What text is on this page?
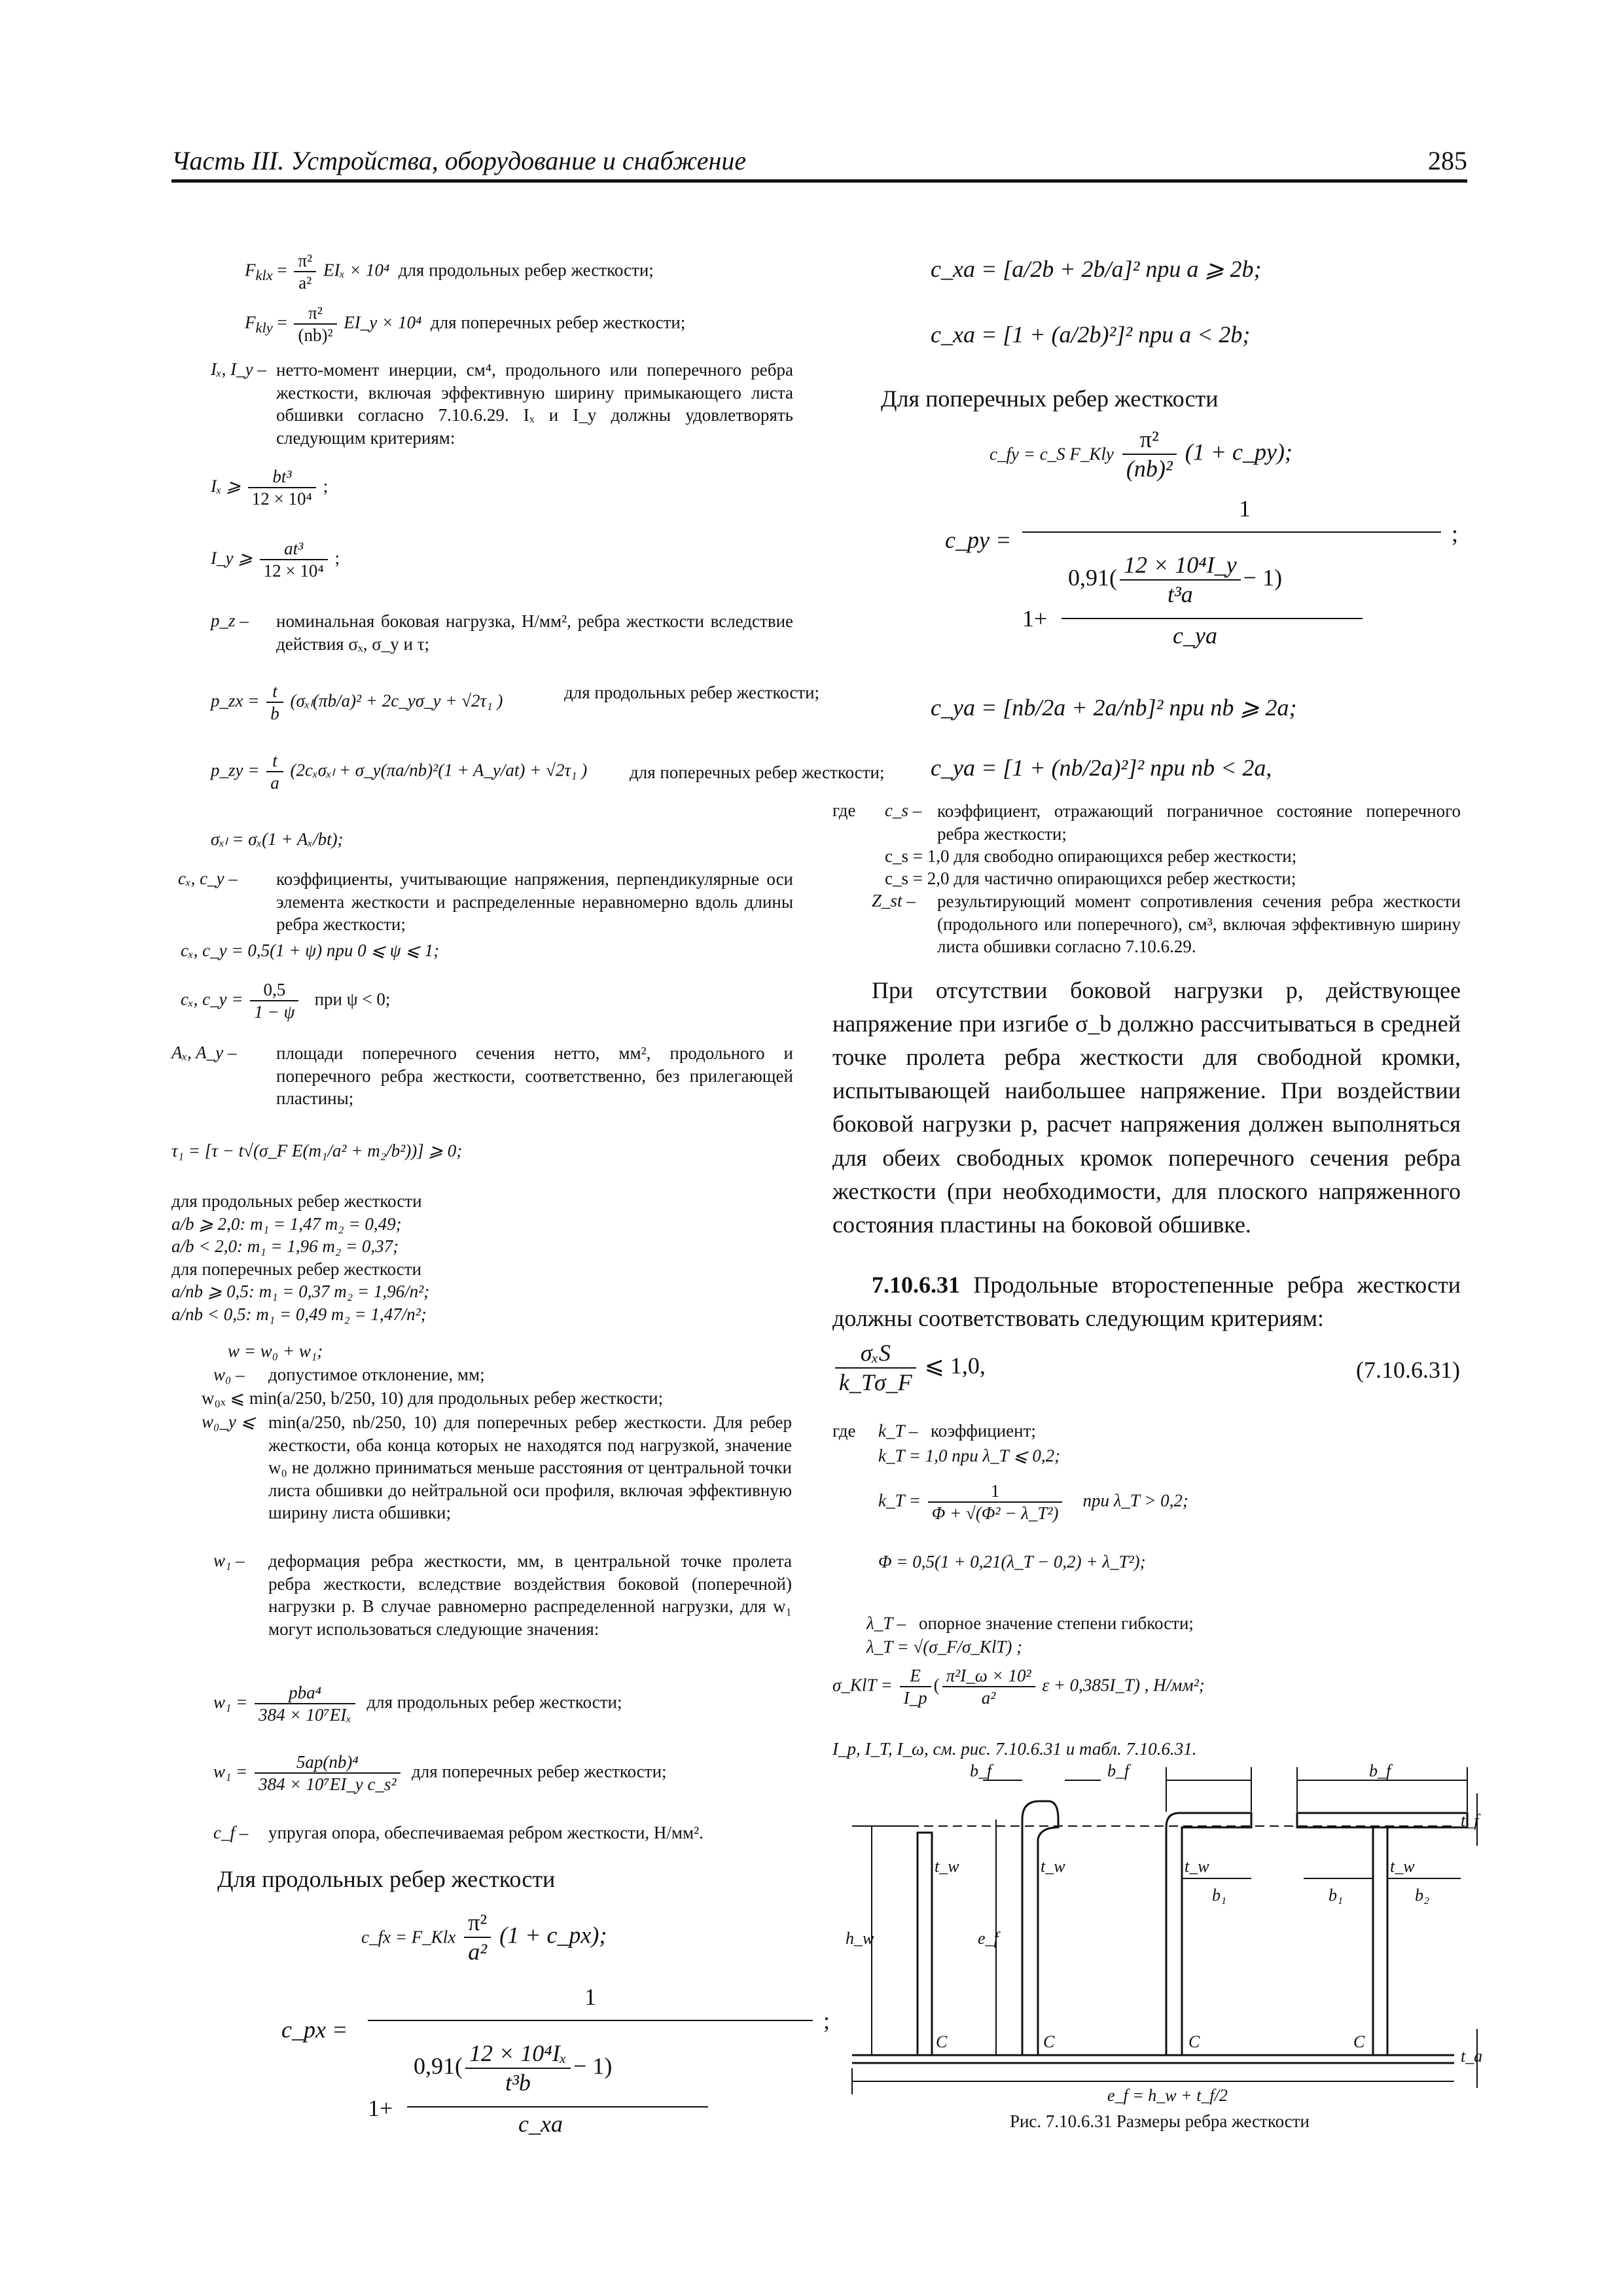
Часть III. Устройства, оборудование и снабжение	285
$F_{klx} = \frac{\text{π²}}{\text{a²}}$ EIₓ × 10⁴ для продольных ребер жесткости;
$F_{kly} = \frac{\text{π²}}{\text{(nb)²}}$ EI_y × 10⁴ для поперечных ребер жесткости;
Iₓ, I_y – нетто-момент инерции, см⁴, продольного или поперечного ребра жесткости, включая эффективную ширину примыкающего листа обшивки согласно 7.10.6.29. Iₓ и I_y должны удовлетворять следующим критериям:
Iₓ ⩾ $\frac{\text{bt³}}{\text{12 × 10⁴}}$ ;
I_y ⩾ $\frac{\text{at³}}{\text{12 × 10⁴}}$ ;
p_z – номинальная боковая нагрузка, Н/мм², ребра жесткости вследствие действия σₓ, σ_y и τ;
p_zx = $\frac{t}{b} (\sigma_{xl}(\pi b/a)^2$ + 2c_yσ_y + √2τ₁ )	для продольных ребер жесткости;
p_zy = $\frac{t}{a} (2c_x\sigma_{xl}$ + σ_y(πa/nb)²(1 + A_y/at) + √2τ₁ ) для поперечных ребер жесткости;
σₓₗ = σₓ(1 + Aₓ/bt);
cₓ, c_y – коэффициенты, учитывающие напряжения, перпендикулярные оси элемента жесткости и распределенные неравномерно вдоль длины ребра жесткости;
cₓ, c_y = 0,5(1 + ψ) при 0 ⩽ ψ ⩽ 1;
cₓ, c_y = $\frac{0,5}{1 - \psi}$ при ψ < 0;
Aₓ, A_y – площади поперечного сечения нетто, мм², продольного и поперечного ребра жесткости, соответственно, без прилегающей пластины;
τ₁ = [τ − t√(σ_F E(m₁/a² + m₂/b²))] ⩾ 0;
для продольных ребер жесткости
a/b ⩾ 2,0: m₁ = 1,47 m₂ = 0,49;
a/b < 2,0: m₁ = 1,96 m₂ = 0,37;
для поперечных ребер жесткости
a/nb ⩾ 0,5: m₁ = 0,37 m₂ = 1,96/n²;
a/nb < 0,5: m₁ = 0,49 m₂ = 1,47/n²;
w = w₀ + w₁;
w₀ – допустимое отклонение, мм;
w₀ₓ ⩽ min(a/250, b/250, 10) для продольных ребер жесткости;
w₀_y ⩽ min(a/250, nb/250, 10) для поперечных ребер жесткости. Для ребер жесткости, оба конца которых не находятся под нагрузкой, значение w₀ не должно приниматься меньше расстояния от центральной точки листа обшивки до нейтральной оси профиля, включая эффективную ширину листа обшивки;
w₁ – деформация ребра жесткости, мм, в центральной точке пролета ребра жесткости, вследствие воздействия боковой (поперечной) нагрузки p. В случае равномерно распределенной нагрузки, для w₁ могут использоваться следующие значения:
$w_1 = \frac{\text{pba⁴}}{\text{384 × 10⁷EIₓ}}$ для продольных ребер жесткости;
$w_1 = \frac{\text{5ap(nb)⁴}}{\text{384 × 10⁷EI\_y c\_s²}}$ для поперечных ребер жесткости;
c_f – упругая опора, обеспечиваемая ребром жесткости, Н/мм².
Для продольных ребер жесткости
c_fx = F_Klx $\frac{\text{π²}}{\text{a²}} (1$ + c_px);
c_px =
1
;
$0,91( \frac{\text{12 × 10⁴Iₓ}}{\text{t³b}} - 1)$
1+
c_xa
c_xa = [a/2b + 2b/a]² при a ⩾ 2b;
c_xa = [1 + (a/2b)²]² при a < 2b;
Для поперечных ребер жесткости
c_fy = c_S F_Kly $\frac{\text{π²}}{\text{(nb)²}} (1$ + c_py);
c_py =
1
;
$0,91( \frac{\text{12 × 10⁴I\_y}}{\text{t³a}} - 1)$
1+
c_ya
c_ya = [nb/2a + 2a/nb]² при nb ⩾ 2a;
c_ya = [1 + (nb/2a)²]² при nb < 2a,
где c_s – коэффициент, отражающий пограничное состояние поперечного ребра жесткости;
c_s = 1,0 для свободно опирающихся ребер жесткости;
c_s = 2,0 для частично опирающихся ребер жесткости;
Z_st – результирующий момент сопротивления сечения ребра жесткости (продольного или поперечного), см³, включая эффективную ширину листа обшивки согласно 7.10.6.29.
При отсутствии боковой нагрузки p, действующее напряжение при изгибе σ_b должно рассчитываться в средней точке пролета ребра жесткости для свободной кромки, испытывающей наибольшее напряжение. При воздействии боковой нагрузки p, расчет напряжения должен выполняться для обеих свободных кромок поперечного сечения ребра жесткости (при необходимости, для плоского напряженного состояния пластины на боковой обшивке.
7.10.6.31 Продольные второстепенные ребра жесткости должны соответствовать следующим критериям:
$\frac{\text{σₓS}}{k\_T\sigma\_F}$ ⩽ 1,0,	(7.10.6.31)
где k_T – коэффициент;
k_T = 1,0 при λ_T ⩽ 0,2;
k_T = $\frac{1}{\text{Φ + √(Φ² − λ\_T²)}}$ при λ_T > 0,2;
Φ = 0,5(1 + 0,21(λ_T − 0,2) + λ_T²);
λ_T – опорное значение степени гибкости;
λ_T = √(σ_F/σ_KlT) ;
σ_KlT = $\frac{E}{I\_p}$ ( $\frac{\text{π²I\_ω × 10²}}{\text{a²}}$ ε + 0,385I_T) , Н/мм²;
I_p, I_T, I_ω, см. рис. 7.10.6.31 и табл. 7.10.6.31.
b_f	b_f	b_f
t_w	t_w	t_w	t_w
h_w	e_f
b₁	b₁	b₂
t_f
t_a
C	C	C	C
e_f = h_w + t_f/2
Рис. 7.10.6.31 Размеры ребра жесткости
